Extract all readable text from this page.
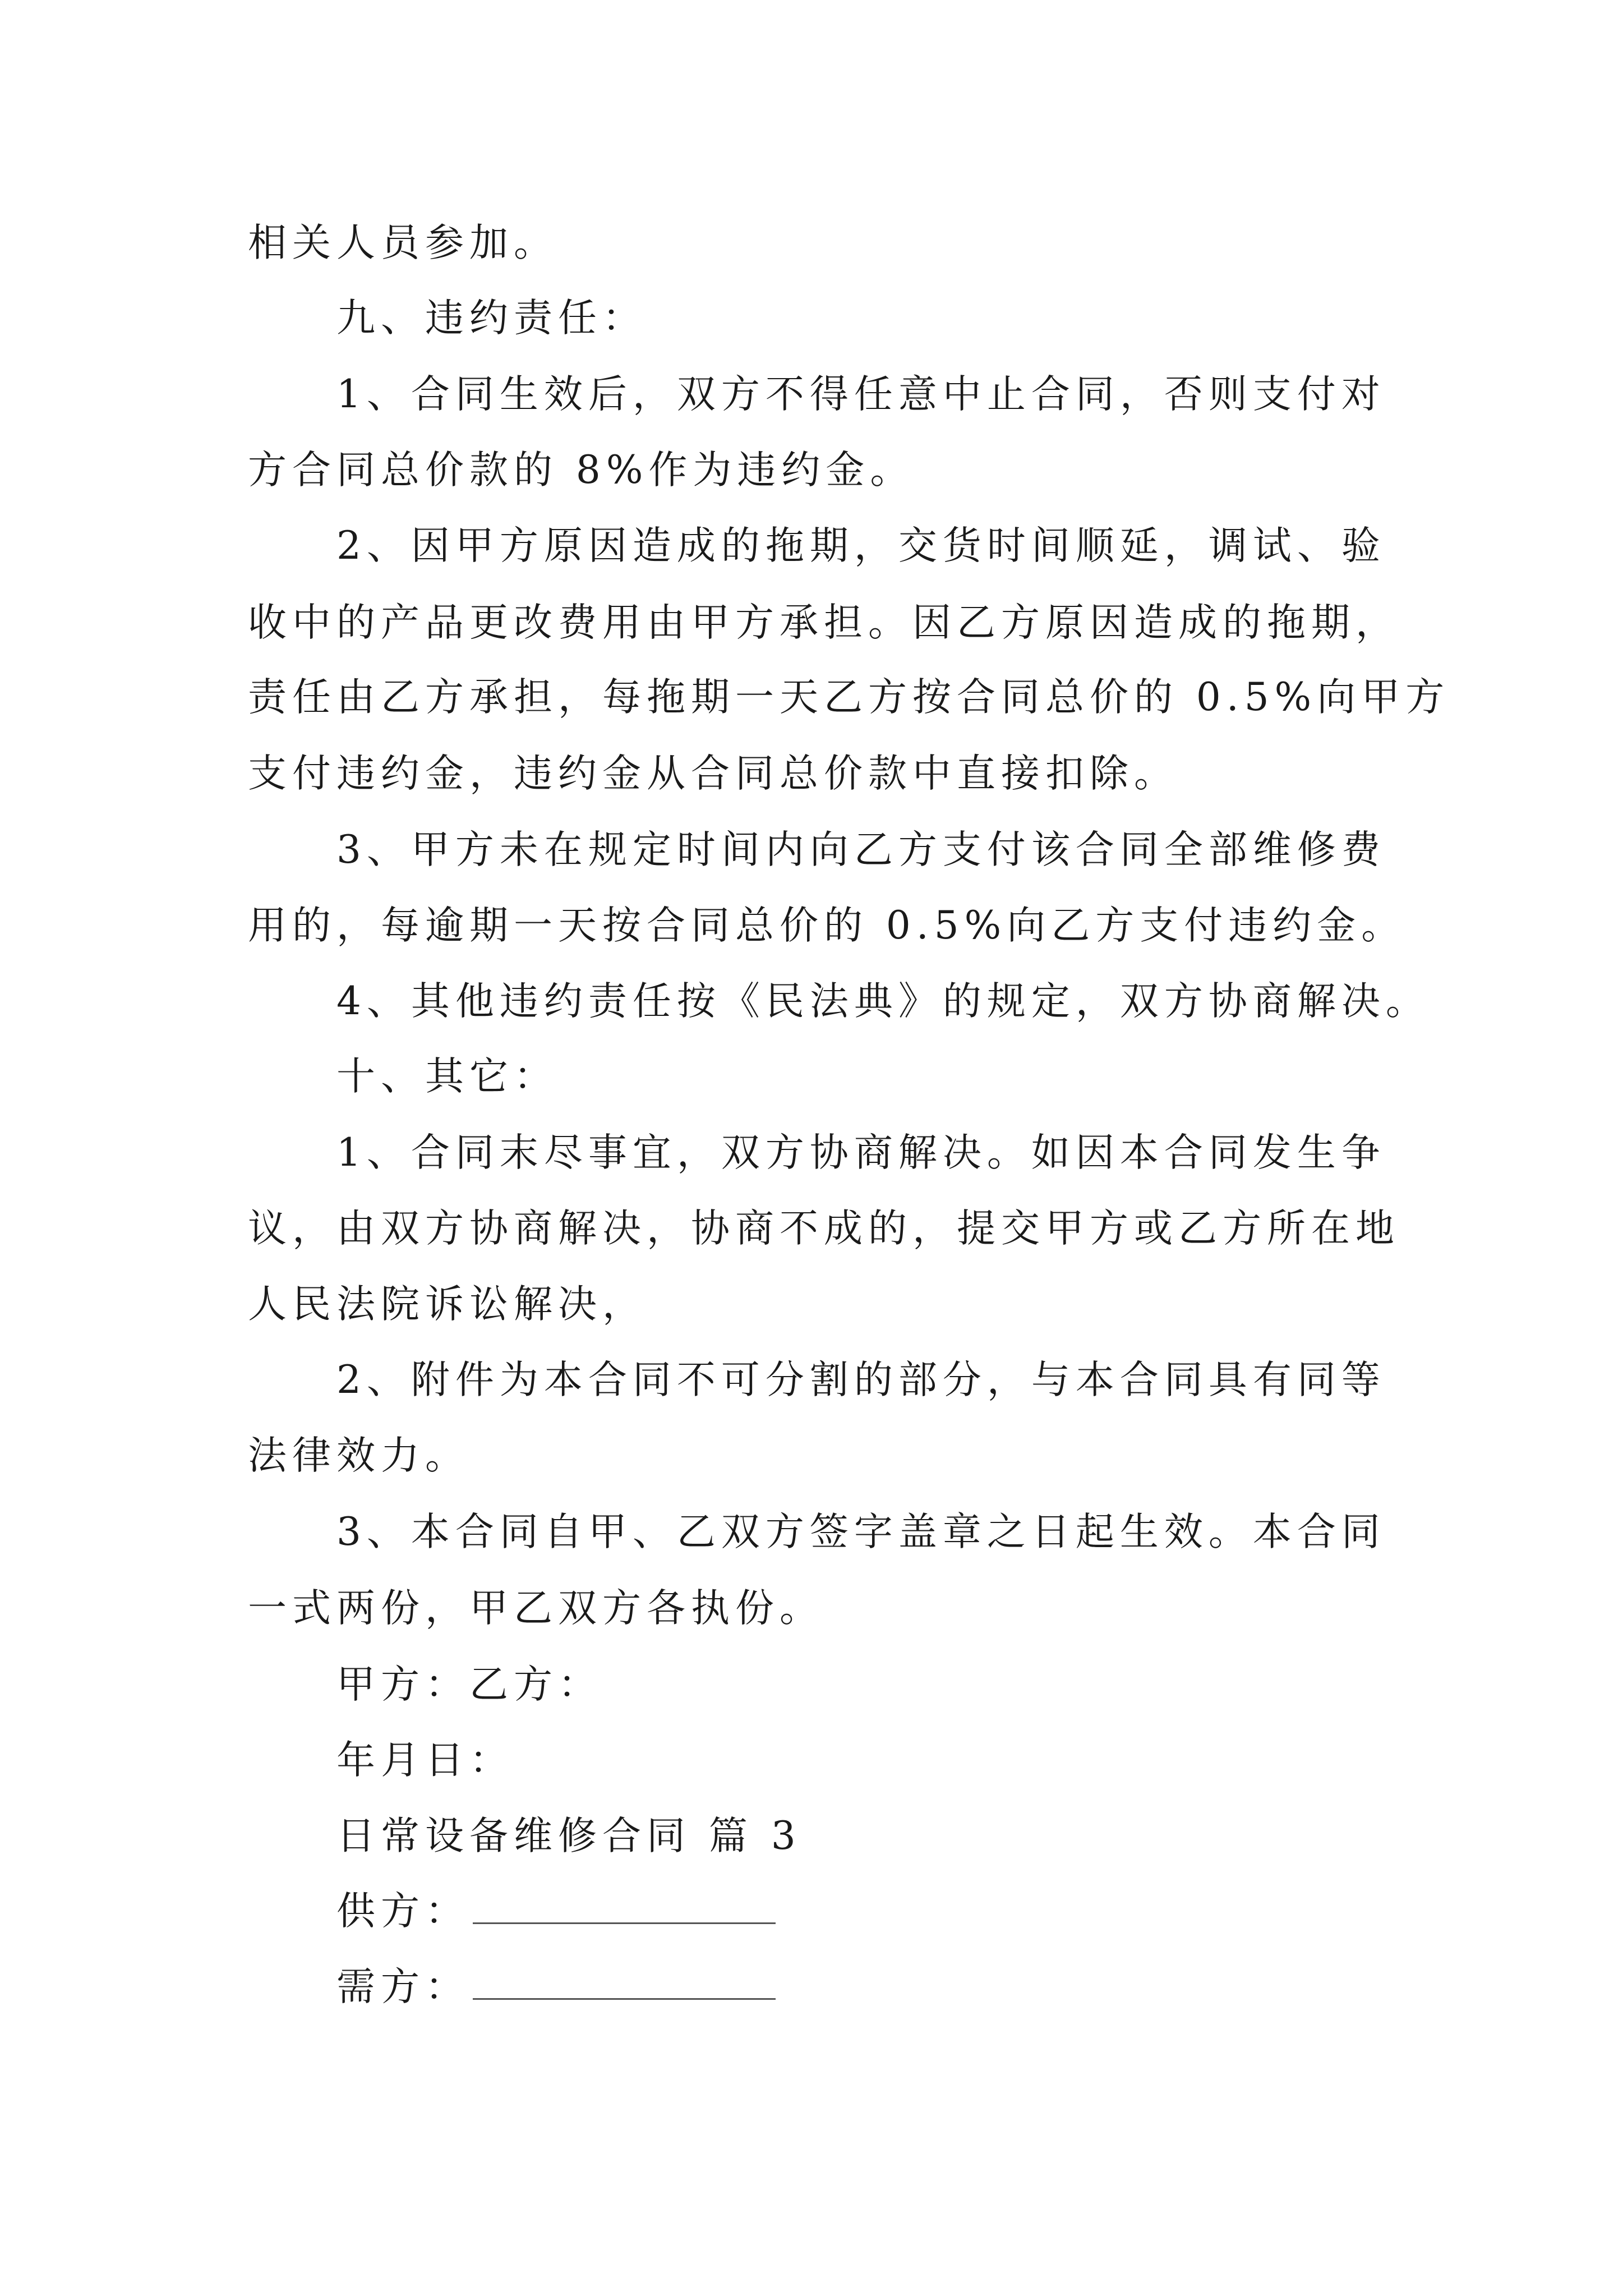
相关人员参加。
九、违约责任：
1、合同生效后，双方不得任意中止合同，否则支付对
方合同总价款的 8%作为违约金。
2、因甲方原因造成的拖期，交货时间顺延，调试、验
收中的产品更改费用由甲方承担。因乙方原因造成的拖期，
责任由乙方承担，每拖期一天乙方按合同总价的 0.5%向甲方
支付违约金，违约金从合同总价款中直接扣除。
3、甲方未在规定时间内向乙方支付该合同全部维修费
用的，每逾期一天按合同总价的 0.5%向乙方支付违约金。
4、其他违约责任按《民法典》的规定，双方协商解决。
十、其它：
1、合同末尽事宜，双方协商解决。如因本合同发生争
议，由双方协商解决，协商不成的，提交甲方或乙方所在地
人民法院诉讼解决，
2、附件为本合同不可分割的部分，与本合同具有同等
法律效力。
3、本合同自甲、乙双方签字盖章之日起生效。本合同
一式两份，甲乙双方各执份。
甲方：乙方：
年月日：
日常设备维修合同 篇 3
供方：
需方：
